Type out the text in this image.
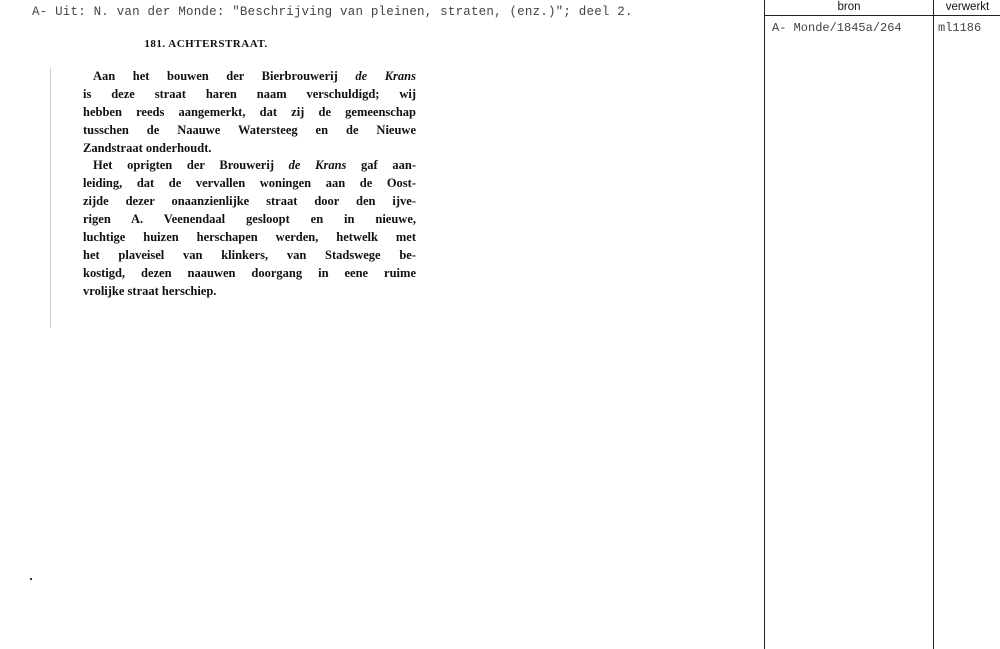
A- Uit: N. van der Monde: "Beschrijving van pleinen, straten, (enz.)"; deel 2.
181. ACHTERSTRAAT.
Aan het bouwen der Bierbrouwerij de Krans
is deze straat haren naam verschuldigd; wij
hebben reeds aangemerkt, dat zij de gemeenschap
tusschen de Naauwe Watersteeg en de Nieuwe
Zandstraat onderhoudt.
Het oprigten der Brouwerij de Krans gaf aan-
leiding, dat de vervallen woningen aan de Oost-
zijde dezer onaanzienlijke straat door den ijve-
rigen A. Veenendaal gesloopt en in nieuwe,
luchtige huizen herschapen werden, hetwelk met
het plaveisel van klinkers, van Stadswege be-
kostigd, dezen naauwen doorgang in eene ruime
vrolijke straat herschiep.
bron	verwerkt
A- Monde/1845a/264	ml1186
